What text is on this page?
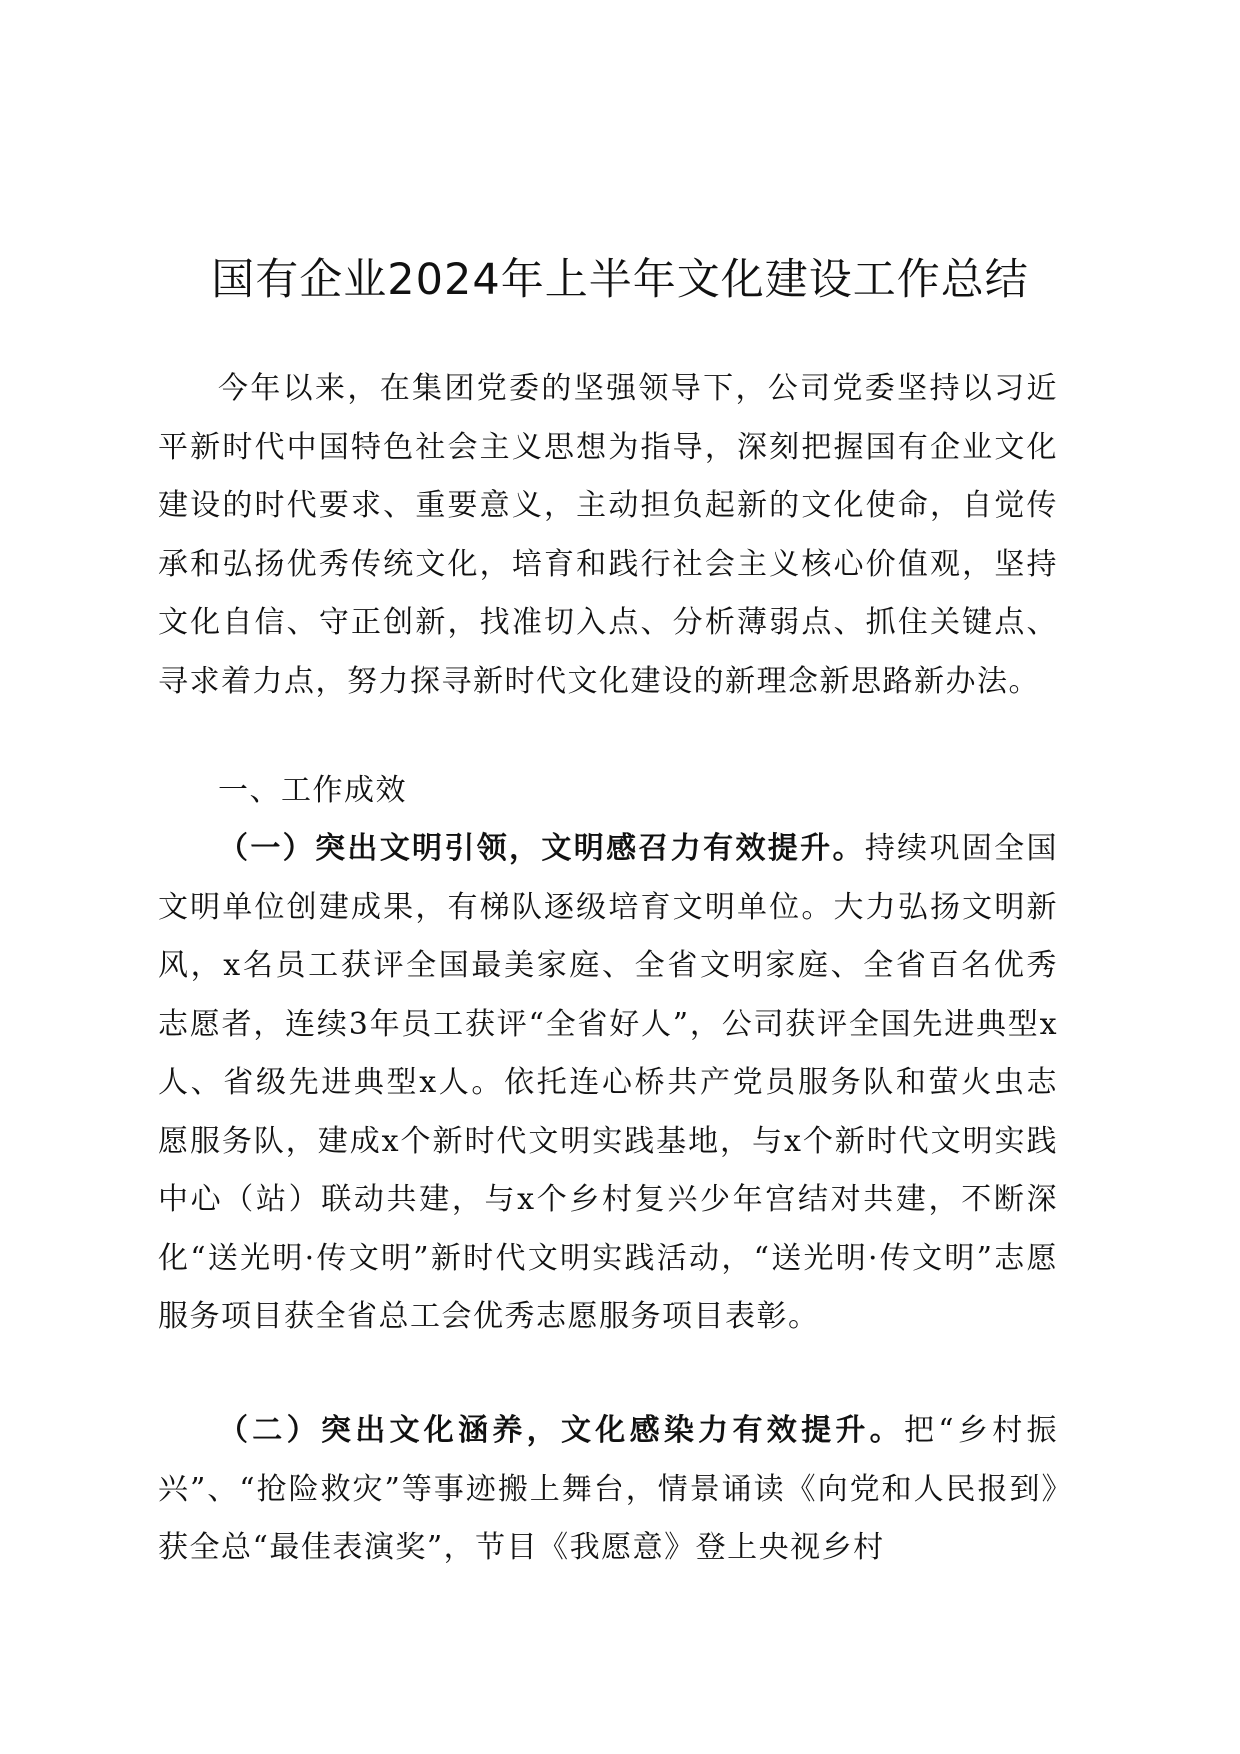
国有企业2024年上半年文化建设工作总结

今年以来，在集团党委的坚强领导下，公司党委坚持以习近平新时代中国特色社会主义思想为指导，深刻把握国有企业文化建设的时代要求、重要意义，主动担负起新的文化使命，自觉传承和弘扬优秀传统文化，培育和践行社会主义核心价值观，坚持文化自信、守正创新，找准切入点、分析薄弱点、抓住关键点、寻求着力点，努力探寻新时代文化建设的新理念新思路新办法。

一、工作成效

（一）突出文明引领，文明感召力有效提升。持续巩固全国文明单位创建成果，有梯队逐级培育文明单位。大力弘扬文明新风，x名员工获评全国最美家庭、全省文明家庭、全省百名优秀志愿者，连续3年员工获评“全省好人”，公司获评全国先进典型x人、省级先进典型x人。依托连心桥共产党员服务队和萤火虫志愿服务队，建成x个新时代文明实践基地，与x个新时代文明实践中心（站）联动共建，与x个乡村复兴少年宫结对共建，不断深化“送光明·传文明”新时代文明实践活动，“送光明·传文明”志愿服务项目获全省总工会优秀志愿服务项目表彰。

（二）突出文化涵养，文化感染力有效提升。把“乡村振兴”、“抢险救灾”等事迹搬上舞台，情景诵读《向党和人民报到》获全总“最佳表演奖”，节目《我愿意》登上央视乡村
